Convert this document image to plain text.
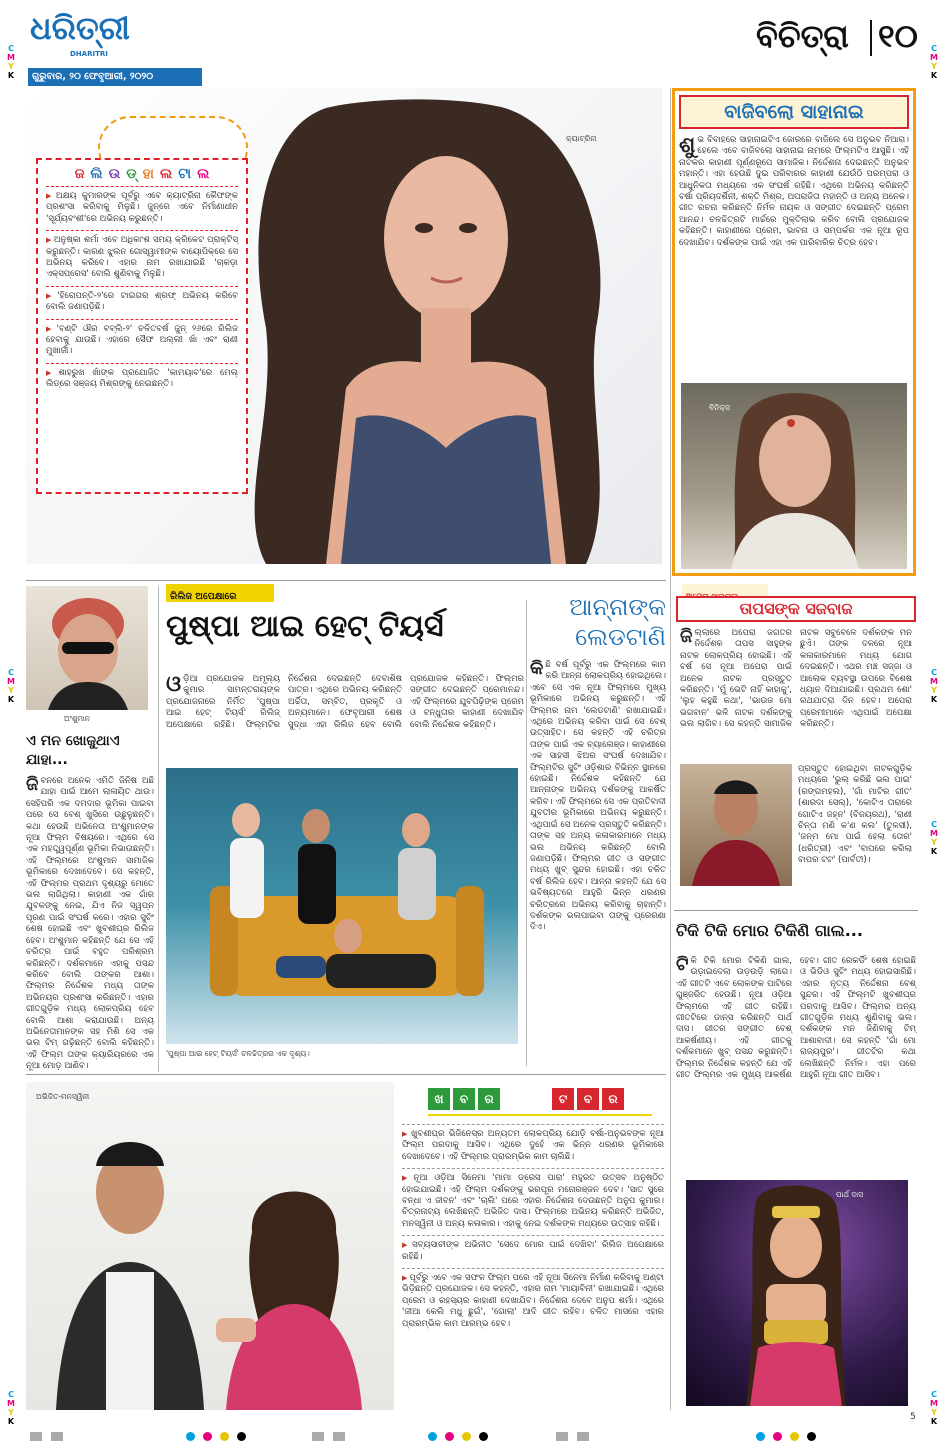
ଧରିତ୍ରୀ
DHARITRI
ଗୁରୁବାର, ୨୦ ଫେବୃଆରୀ, ୨୦୨୦
ବିଚିତ୍ରା ୧୦
C
M
Y
K
C
M
Y
K
C
M
Y
K
C
M
Y
K
C
M
Y
K
C
M
Y
K
C
M
Y
K
କ୍ୟାଟ୍ରିନା
ଜ ଲି ଉ ଡ୍ ହା ଲ ଟା ଲ
▶ ଅକ୍ଷୟ କୁମାରଙ୍କ ପୂର୍ବରୁ ଏବେ କ୍ୟାଟ୍ରିନା କୈଫଙ୍କ ପ୍ରଶଂସା କରିବାକୁ ମିଳୁଛି। ଜୁନ୍‌ରେ ଏବେ ନିର୍ମାଣାଧୀନ 'ସୂର୍ଯ୍ୟବଂଶୀ'ରେ ଅଭିନୟ କରୁଛନ୍ତି।
▶ ଅନୁଷ୍କା ଶର୍ମା ଏବେ ଅଧିକାଂଶ ସମୟ କ୍ରିକେଟ ପ୍ରାକ୍ଟିସ୍ କରୁଛନ୍ତି। କାରଣ ଝୁଲନ ଗୋସ୍ୱାମୀଙ୍କ ବାୟୋପିକ୍‌ରେ ସେ ଅଭିନୟ କରିବେ। ଏହାର ନାମ ରଖାଯାଇଛି 'ଚାକଡ଼ା ଏକ୍ସପ୍ରେସ' ବୋଲି ଶୁଣିବାକୁ ମିଳୁଛି।
▶ 'ହିରୋପନ୍ତି-୨'ରେ ଟାଇଗର ଶ୍ରଫ୍ ଅଭିନୟ କରିବେ ବୋଲି ଜଣାପଡ଼ିଛି।
▶ 'ବଣ୍ଟି ଔର ବବ୍‌ଲି-୨' ଚଳିତବର୍ଷ ଜୁନ୍ ୨୬ରେ ରିଲିଜ ହେବାକୁ ଯାଉଛି। ଏହାରେ ସୈଫ ଅଲ୍ଲୀ ଖାଁ ଏବଂ ରାଣୀ ମୁଖାର୍ଜୀ।
▶ ଶାହରୁଖ ଖାଁଙ୍କ ପ୍ରଯୋଜିତ 'କାମୟାବ'ରେ ମେଲ୍ ଲିଡ୍‌ରେ ସଞ୍ଜୟ ମିଶ୍ରଙ୍କୁ ନେଇଛନ୍ତି।
ବାଜିବଲୋ ସାହାନାଇ
ଶୁ ଭ ବିବାହରେ ସାହାନାଇଟିଏ ଜୋରରେ ବାଜିଲେ ସେ ଅନୁଭବ ନିଆରା। ହେଲେ ଏବେ ବାଜିବଲୋ ସାହାନାଇ ନାମରେ ଫିଲ୍ମଟିଏ ଆସୁଛି। ଏହି ନାଟକର କାହାଣୀ ପୂର୍ଣ୍ଣରୂପେ ସାମାଜିକ। ନିର୍ଦ୍ଦେଶନା ଦେଇଛନ୍ତି ଅନୁଭବ ମହାନ୍ତି। ଏହା ହେଉଛି ଦୁଇ ପରିବାରର କାହାଣୀ ଯେଉଁଠି ପରମ୍ପରା ଓ ଆଧୁନିକତା ମଧ୍ୟରେ ଏକ ସଂଘର୍ଷ ରହିଛି। ଏଥିରେ ଅଭିନୟ କରିଛନ୍ତି ବର୍ଷା ପ୍ରିୟଦର୍ଶିନୀ, ଶକ୍ତି ମିଶ୍ର, ଅପରାଜିତା ମହାନ୍ତି ଓ ଅନ୍ୟ ଅନେକ। ଗୀତ ରଚନା କରିଛନ୍ତି ନିର୍ମଳ ନାୟକ ଓ ସଙ୍ଗୀତ ଦେଇଛନ୍ତି ପ୍ରେମ ଆନନ୍ଦ। ଚଳଚ୍ଚିତ୍ରଟି ମାର୍ଚ୍ଚରେ ମୁକ୍ତିଲାଭ କରିବ ବୋଲି ପ୍ରଯୋଜକ କହିଛନ୍ତି। କାହାଣୀରେ ପ୍ରେମ, ଭାବନା ଓ ସମ୍ପର୍କର ଏକ ନୂଆ ରୂପ ଦେଖାଯିବ। ଦର୍ଶକଙ୍କ ପାଇଁ ଏହା ଏକ ପାରିବାରିକ ଚିତ୍ର ହେବ।
ବିନିକ୍ସ
ଅଂଶୁମାନ
ଏ ମନ ଖୋଜୁଥାଏ ଯାହା...
ଜି ବନରେ ଅନେକ ଏମିତି ଜିନିଷ ଅଛି ଯାହା ପାଇଁ ଆମେ ଲାଳାୟିତ ଥାଉ। ସେହିପରି ଏକ ଦମଦାର ଭୂମିକା ପାଇବା ପରେ ସେ ବେଶ୍ ଖୁସିରେ ଉଛୁଳୁଛନ୍ତି। କଥା ହେଉଛି ଅଭିନେତା ଅଂଶୁମାନଙ୍କ ନୂଆ ଫିଲ୍ମ ବିଷୟରେ। ଏଥିରେ ସେ ଏକ ମହତ୍ତ୍ୱପୂର୍ଣ୍ଣ ଭୂମିକା ନିଭାଉଛନ୍ତି। ଏହି ଫିଲ୍ମରେ ଅଂଶୁମାନ ସାମାଜିକ ଭୂମିକାରେ ଦେଖାଦେବେ। ସେ କହନ୍ତି, ଏହି ଫିଲ୍ମର ପ୍ରଥମ ଦୃଶ୍ୟରୁ ମୋତେ ଭଲ ଲାଗିଥିଲା। କାହାଣୀ ଏକ ଗାଁର ଯୁବକଙ୍କୁ ନେଇ, ଯିଏ ନିଜ ସ୍ୱପ୍ନ ପୂରଣ ପାଇଁ ସଂଘର୍ଷ କରେ। ଏହାର ସୁଟିଂ ଶେଷ ହୋଇଛି ଏବଂ ଖୁବଶୀଘ୍ର ରିଲିଜ ହେବ। ଅଂଶୁମାନ କହିଛନ୍ତି ଯେ ସେ ଏହି ଚରିତ୍ର ପାଇଁ ବହୁତ ପରିଶ୍ରମ କରିଛନ୍ତି। ଦର୍ଶକମାନେ ଏହାକୁ ପସନ୍ଦ କରିବେ ବୋଲି ତାଙ୍କର ଆଶା। ଫିଲ୍ମର ନିର୍ଦ୍ଦେଶକ ମଧ୍ୟ ତାଙ୍କ ଅଭିନୟର ପ୍ରଶଂସା କରିଛନ୍ତି। ଏହାର ଗୀତଗୁଡ଼ିକ ମଧ୍ୟ ଲୋକପ୍ରିୟ ହେବ ବୋଲି ଆଶା କରାଯାଉଛି। ଅନ୍ୟ ଅଭିନେତାମାନଙ୍କ ସହ ମିଶି ସେ ଏକ ଭଲ ଟିମ୍ ଗଢ଼ିଛନ୍ତି ବୋଲି କହିଛନ୍ତି। ଏହି ଫିଲ୍ମ ତାଙ୍କ କ୍ୟାରିୟରରେ ଏକ ନୂଆ ମୋଡ଼ ଆଣିବ।
ରିଲିଜ ଅପେକ୍ଷାରେ
ପୁଷ୍ପା ଆଇ ହେଟ୍ ଟିୟର୍ସ
ଓ ଡ଼ିଆ ପ୍ରଯୋଜକ ଅମୂଲ୍ୟ କୁମାର ସାମନ୍ତରାୟଙ୍କ ପ୍ରଯୋଜନାରେ ନିର୍ମିତ 'ପୁଷ୍ପା ଆଇ ହେଟ୍ ଟିୟର୍ସ' ରିଲିଜ୍ ଅପେକ୍ଷାରେ ରହିଛି। ଫିଲ୍ମଟିର ନିର୍ଦ୍ଦେଶନା ଦେଇଛନ୍ତି ଦେବାଶିଷ ପାତ୍ର। ଏଥିରେ ଅଭିନୟ କରିଛନ୍ତି ଅର୍ଚ୍ଚିତା, ସମ୍ବିତ, ପ୍ରକୃତି ଓ ଅନ୍ୟମାନେ। ଫେବୃଆରୀ ଶେଷ ସୁଦ୍ଧା ଏହା ରିଲିଜ ହେବ ବୋଲି ପ୍ରଯୋଜକ କହିଛନ୍ତି। ଫିଲ୍ମର ସଙ୍ଗୀତ ଦେଇଛନ୍ତି ପ୍ରେମାନନ୍ଦ। ଏହି ଫିଲ୍ମରେ ଯୁବପିଢ଼ିଙ୍କ ପ୍ରେମ ଓ ବନ୍ଧୁତାର କାହାଣୀ ଦେଖାଯିବ ବୋଲି ନିର୍ଦ୍ଦେଶକ କହିଛନ୍ତି।
'ପୁଷ୍ପା ଆଇ ହେଟ୍ ଟିୟର୍ସ' ଚଳଚ୍ଚିତ୍ରର ଏକ ଦୃଶ୍ୟ।
ଆନ୍ନାଙ୍କ
ଲେଡଟାଣି
କି ଛି ବର୍ଷ ପୂର୍ବରୁ ଏକ ଫିଲ୍ମରେ କାମ କରି ଆନ୍ନା ଲୋକପ୍ରିୟ ହୋଇଥିଲେ। ଏବେ ସେ ଏକ ନୂଆ ଫିଲ୍ମରେ ମୁଖ୍ୟ ଭୂମିକାରେ ଅଭିନୟ କରୁଛନ୍ତି। ଏହି ଫିଲ୍ମର ନାମ 'ଲେଡଟାଣି' ରଖାଯାଇଛି। ଏଥିରେ ଅଭିନୟ କରିବା ପାଇଁ ସେ ବେଶ୍ ଉତ୍ସାହିତ। ସେ କହନ୍ତି ଏହି ଚରିତ୍ର ତାଙ୍କ ପାଇଁ ଏକ ଚ୍ୟାଲେଞ୍ଜ। କାହାଣୀରେ ଏକ ସାହସୀ ଝିଅର ସଂଘର୍ଷ ଦେଖାଯିବ। ଫିଲ୍ମଟିର ସୁଟିଂ ଓଡ଼ିଶାର ବିଭିନ୍ନ ସ୍ଥାନରେ ହୋଇଛି। ନିର୍ଦ୍ଦେଶକ କହିଛନ୍ତି ଯେ ଆନ୍ନାଙ୍କ ଅଭିନୟ ଦର୍ଶକଙ୍କୁ ଆକର୍ଷିତ କରିବ। ଏହି ଫିଲ୍ମରେ ସେ ଏକ ପ୍ରତିବାଦୀ ଯୁବତୀର ଭୂମିକାରେ ଅଭିନୟ କରୁଛନ୍ତି। ଏଥିପାଇଁ ସେ ଅନେକ ପ୍ରସ୍ତୁତି କରିଛନ୍ତି। ତାଙ୍କ ସହ ଅନ୍ୟ କଳାକାରମାନେ ମଧ୍ୟ ଭଲ ଅଭିନୟ କରିଛନ୍ତି ବୋଲି ଜଣାପଡ଼ିଛି। ଫିଲ୍ମର ଗୀତ ଓ ସଙ୍ଗୀତ ମଧ୍ୟ ଖୁବ୍ ସୁନ୍ଦର ହୋଇଛି। ଏହା ଚଳିତ ବର୍ଷ ରିଲିଜ ହେବ। ଆନ୍ନା କହନ୍ତି ଯେ ସେ ଭବିଷ୍ୟତରେ ଆହୁରି ଭିନ୍ନ ଧରଣର ଚରିତ୍ରରେ ଅଭିନୟ କରିବାକୁ ଚାହାନ୍ତି। ଦର୍ଶକଙ୍କ ଭଲପାଇବା ତାଙ୍କୁ ପ୍ରେରଣା ଦିଏ।
ତାପସଙ୍କ ସଜବାଜ
ଜି ଲ୍ଲାରେ ଅପେରା ଜଗତର ନିର୍ଦ୍ଦେଶକ ତାପସ ସାହୁଙ୍କ ନାଟକ ଲୋକପ୍ରିୟ ହୋଇଛି। ଏହି ବର୍ଷ ସେ ନୂଆ ଅପେରା ପାଇଁ ଅନେକ ନାଟକ ପ୍ରସ୍ତୁତ କରିଛନ୍ତି। 'ମୁଁ ଭେଟି ନାହିଁ କାହାକୁ', 'ଲୁହ କହୁଛି କଥା', 'ଭାଉଜ ମୋ ଭଗବାନ' ଭଳି ନାଟକ ଦର୍ଶକଙ୍କୁ ଭଲ ଲାଗିବ। ସେ କହନ୍ତି ସାମାଜିକ ନାଟକ ସବୁବେଳେ ଦର୍ଶକଙ୍କ ମନ ଛୁଏଁ। ତାଙ୍କ ଦଳରେ ନୂଆ କଳାକାରମାନେ ମଧ୍ୟ ଯୋଗ ଦେଇଛନ୍ତି। ଏଥର ମଞ୍ଚ ସଜ୍ଜା ଓ ଆଲୋକ ବ୍ୟବସ୍ଥା ଉପରେ ବିଶେଷ ଧ୍ୟାନ ଦିଆଯାଇଛି। ପ୍ରଥମ ଶୋ' ରଥଯାତ୍ରା ଦିନ ହେବ। ଅପେରା ପ୍ରେମୀମାନେ ଏଥିପାଇଁ ଅପେକ୍ଷା କରିଛନ୍ତି।
ପ୍ରସ୍ତୁତ ହୋଇଥିବା ନାଟକଗୁଡ଼ିକ ମଧ୍ୟରେ 'ଭୁଲ୍ କରିଛି ଭଲ ପାଇ' (ରଙ୍ଗମହଲ), 'ଗାଁ ମାଟିର ଗୀତ' (ଶାରଦା ସେଲ୍), 'କୋଟିଏ ତାରାରେ ଗୋଟିଏ ଜହ୍ନ' (ବିଜୟରଥ), 'ରାଣୀ ଚିନ୍ତା ମଣି କ'ଣ କଲ' (ତୁଳସୀ), 'ଜନ୍ମ ମୋ ପାଇଁ ହେଲା ତୋର' (ଧରିତ୍ରୀ) ଏବଂ 'ବାପରେ କରିଲା ବାପର ଟଟ' (ପାର୍ବତୀ)।
ଟିକି ଟିକି ମୋର ଟିକିଣି ଗାଲ...
ଟି କି ଟିକି ମୋର ଟିକିଣି ଗାଲ, ଉଡ଼ାଇଦେଲା ଉଡ଼ଉଡ଼ି ଲାଗେ। ଏହି ଗୀତଟି ଏବେ ଲୋକଙ୍କ ପାଟିରେ ଗୁଞ୍ଜରିତ ହେଉଛି। ନୂଆ ଓଡ଼ିଆ ଫିଲ୍ମରେ ଏହି ଗୀତ ରହିଛି। ଗୀତଟିରେ ଡାନ୍ସ କରିଛନ୍ତି ପାର୍ଥ ଦାସ। ଗୀତର ସଙ୍ଗୀତ ବେଶ୍ ଆକର୍ଷଣୀୟ। ଏହି ଗୀତକୁ ଦର୍ଶକମାନେ ଖୁବ୍ ପସନ୍ଦ କରୁଛନ୍ତି। ଫିଲ୍ମର ନିର୍ଦ୍ଦେଶକ କହନ୍ତି ଯେ ଏହି ଗୀତ ଫିଲ୍ମର ଏକ ମୁଖ୍ୟ ଆକର୍ଷଣ ହେବ। ଗୀତ ରେକର୍ଡିଂ ଶେଷ ହୋଇଛି ଓ ଭିଡିଓ ସୁଟିଂ ମଧ୍ୟ ହୋଇସାରିଛି। ଏହାର ନୃତ୍ୟ ନିର୍ଦ୍ଦେଶନା ବେଶ୍ ସୁନ୍ଦର। ଏହି ଫିଲ୍ମଟି ଖୁବଶୀଘ୍ର ପରଦାକୁ ଆସିବ। ଫିଲ୍ମର ଅନ୍ୟ ଗୀତଗୁଡ଼ିକ ମଧ୍ୟ ଶୁଣିବାକୁ ଭଲ। ଦର୍ଶକଙ୍କ ମନ ଜିଣିବାକୁ ଟିମ୍ ଆଶାବାଦୀ। ସେ କହନ୍ତି 'ଗାଁ ମୋ ରାଜ୍ୟପୁର'। ଗୀତଟିର କଥା ଲେଖିଛନ୍ତି ନିର୍ମଳ। ଏହା ପରେ ଆହୁରି ନୂଆ ଗୀତ ଆସିବ।
ପାର୍ଥ ଦାସ
ଅଭିଜିତ-ମନସ୍ୱିନୀ	ଖ	ବ	ର	ଟ	ବ	ର
▶ ଖୁବଶୀଘ୍ର ଭିଜିନେସ୍‌ର ଅନ୍ୟତମ ଲୋକପ୍ରିୟ ଯୋଡ଼ି ବର୍ଷା-ଅନୁଭବଙ୍କ ନୂଆ ଫିଲ୍ମ ପରଦାକୁ ଆସିବ। ଏଥିରେ ଦୁହେଁ ଏକ ଭିନ୍ନ ଧରଣର ଭୂମିକାରେ ଦେଖାଦେବେ। ଏହି ଫିଲ୍ମର ପ୍ରାରମ୍ଭିକ କାମ ଚାଲିଛି।
▶ ନୂଆ ଓଡ଼ିଆ ସିନେମା 'ମାମା ଡ୍ରେସ ପାରା' ମହୁରତ ଉତ୍ସବ ଅନୁଷ୍ଠିତ ହୋଇଯାଇଛି। ଏହି ଫିଲ୍ମ ଦର୍ଶକଙ୍କୁ ଭରପୂର ମନୋରଞ୍ଜନ ଦେବ। 'ସାତ ସୁରେ ବନ୍ଧା ଏ ଜୀବନ' ଏବଂ 'ଚାଲି' ପରେ ଏହାର ନିର୍ଦ୍ଦେଶନା ଦେଉଛନ୍ତି ଅନୁପ କୁମାର। ଚିତ୍ରନାଟ୍ୟ ଲେଖିଛନ୍ତି ଅଭିଜିତ ଦାସ। ଫିଲ୍ମରେ ଅଭିନୟ କରିଛନ୍ତି ଅଭିଜିତ, ମନସ୍ୱିନୀ ଓ ଅନ୍ୟ କଳାକାର। ଏହାକୁ ନେଇ ଦର୍ଶକଙ୍କ ମଧ୍ୟରେ ଉତ୍ସାହ ରହିଛି।
▶ ସବ୍ୟସାଚୀଙ୍କ ଅଭିନୀତ 'ସେଦେ ମୋର ପାଇଁ ଦେଖିବା' ରିଲିଜ ଅପେକ୍ଷାରେ ରହିଛି।
▶ ପୂର୍ବରୁ ଏବେ ଏକ ସଫଳ ଫିଲ୍ମ ପରେ ଏହି ନୂଆ ସିନେମା ନିର୍ମାଣ କରିବାକୁ ଅଣ୍ଟା ଭିଡ଼ିଛନ୍ତି ପ୍ରଯୋଜକ। ସେ କହନ୍ତି, ଏହାର ନାମ 'ମାୟାବିନୀ' ରଖାଯାଇଛି। ଏଥିରେ ପ୍ରେମ ଓ ରହସ୍ୟର କାହାଣୀ ଦେଖାଯିବ। ନିର୍ଦ୍ଦେଶନା ଦେବେ ଅନୁପ ଶର୍ମା। ଏଥିରେ 'ଜୀଆ କେଲି ମଧୁ ଛୁଇଁ', 'ଗୋଲା' ଆଦି ଗୀତ ରହିବ। ଚଳିତ ମାସରେ ଏହାର ପ୍ରାରମ୍ଭିକ କାମ ଆରମ୍ଭ ହେବ।

5
